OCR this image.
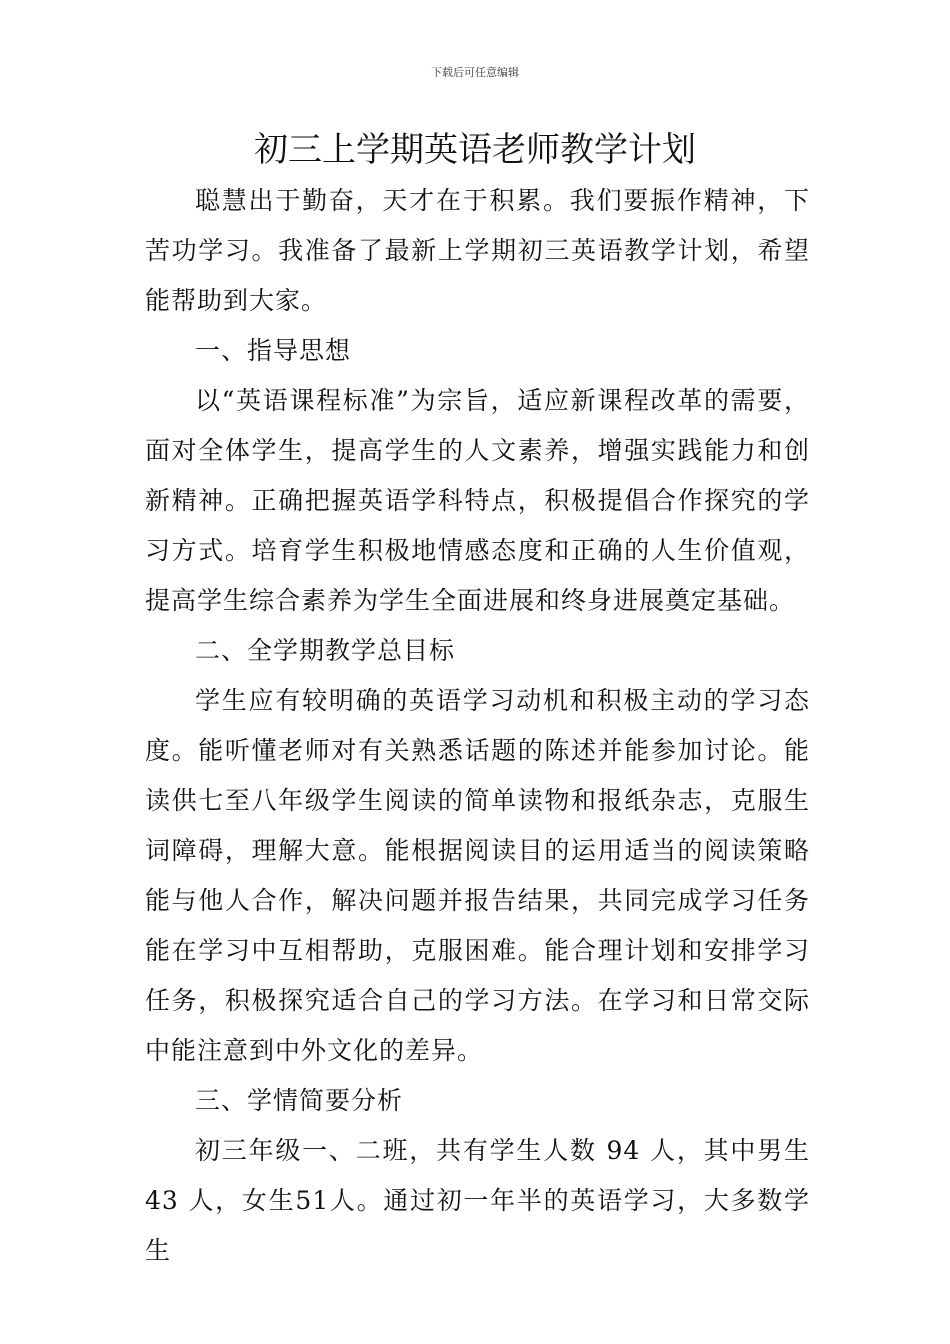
下载后可任意编辑
初三上学期英语老师教学计划

聪慧出于勤奋，天才在于积累。我们要振作精神，下苦功学习。我准备了最新上学期初三英语教学计划，希望能帮助到大家。

一、指导思想

以“英语课程标准”为宗旨，适应新课程改革的需要，面对全体学生，提高学生的人文素养，增强实践能力和创新精神。正确把握英语学科特点，积极提倡合作探究的学习方式。培育学生积极地情感态度和正确的人生价值观，提高学生综合素养为学生全面进展和终身进展奠定基础。

二、全学期教学总目标

学生应有较明确的英语学习动机和积极主动的学习态度。能听懂老师对有关熟悉话题的陈述并能参加讨论。能读供七至八年级学生阅读的简单读物和报纸杂志，克服生词障碍，理解大意。能根据阅读目的运用适当的阅读策略能与他人合作，解决问题并报告结果，共同完成学习任务能在学习中互相帮助，克服困难。能合理计划和安排学习任务，积极探究适合自己的学习方法。在学习和日常交际中能注意到中外文化的差异。

三、学情简要分析

初三年级一、二班，共有学生人数 94 人，其中男生 43 人，女生51人。通过初一年半的英语学习，大多数学生
